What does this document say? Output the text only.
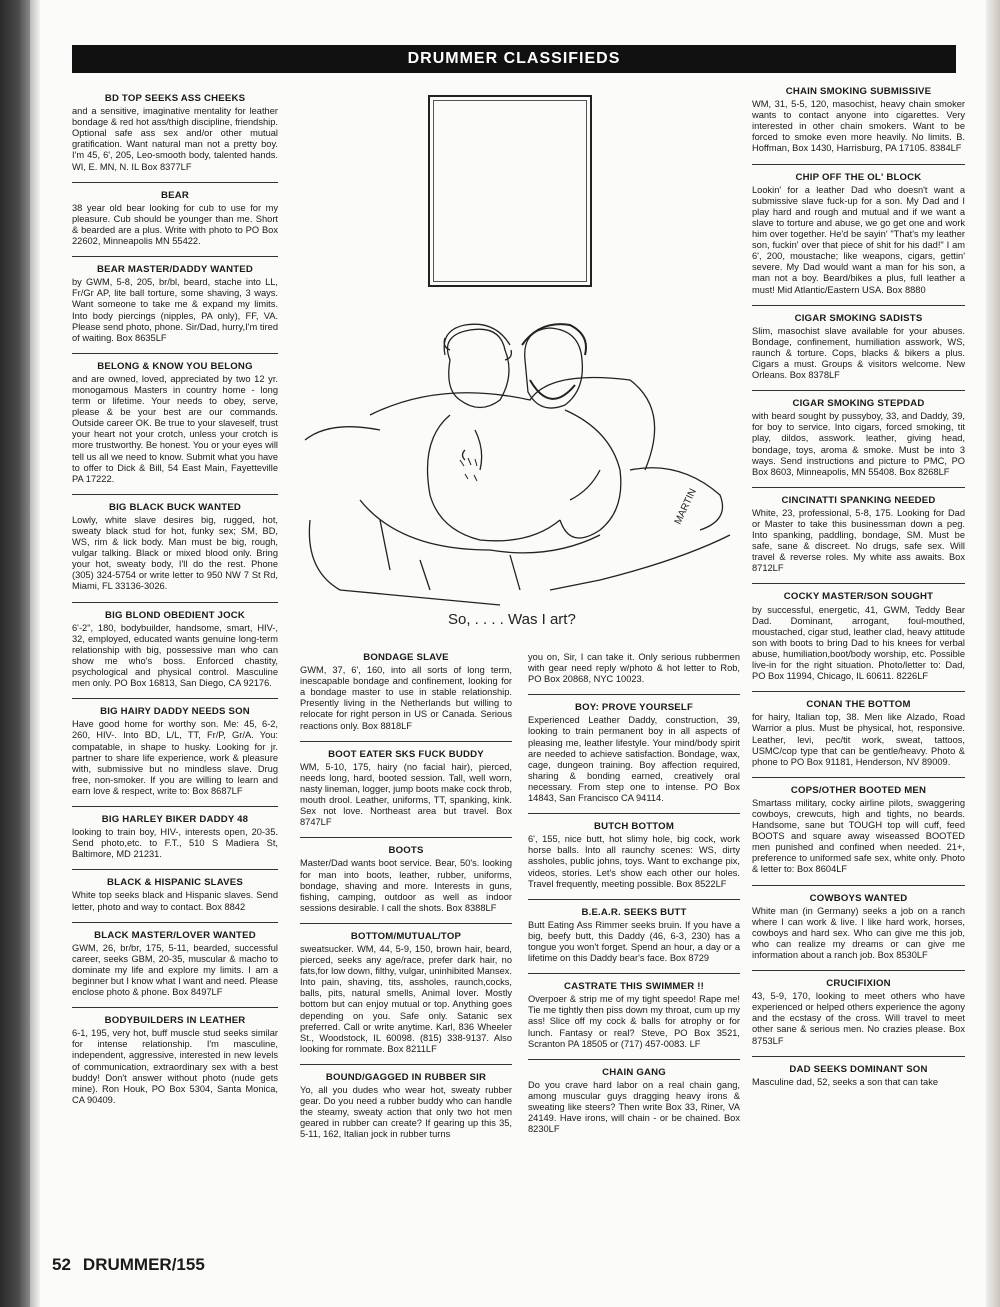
DRUMMER CLASSIFIEDS
BD TOP SEEKS ASS CHEEKS

and a sensitive, imaginative mentality for leather bondage & red hot ass/thigh discipline, friendship. Optional safe ass sex and/or other mutual gratification. Want natural man not a pretty boy. I'm 45, 6', 205, Leo-smooth body, talented hands. WI, E. MN, N. IL Box 8377LF

BEAR

38 year old bear looking for cub to use for my pleasure. Cub should be younger than me. Short & bearded are a plus. Write with photo to PO Box 22602, Minneapolis MN 55422.

BEAR MASTER/DADDY WANTED

by GWM, 5-8, 205, br/bl, beard, stache into LL, Fr/Gr AP, lite ball torture, some shaving, 3 ways. Want someone to take me & expand my limits. Into body piercings (nipples, PA only), FF, VA. Please send photo, phone. Sir/Dad, hurry,I'm tired of waiting. Box 8635LF

BELONG & KNOW YOU BELONG

and are owned, loved, appreciated by two 12 yr. monogamous Masters in country home - long term or lifetime. Your needs to obey, serve, please & be your best are our commands. Outside career OK. Be true to your slaveself, trust your heart not your crotch, unless your crotch is more trustworthy. Be honest. You or your eyes will tell us all we need to know. Submit what you have to offer to Dick & Bill, 54 East Main, Fayetteville PA 17222.

BIG BLACK BUCK WANTED

Lowly, white slave desires big, rugged, hot, sweaty black stud for hot, funky sex; SM, BD, WS, rim & lick body. Man must be big, rough, vulgar talking. Black or mixed blood only. Bring your hot, sweaty body, I'll do the rest. Phone (305) 324-5754 or write letter to 950 NW 7 St Rd, Miami, FL 33136-3026.

BIG BLOND OBEDIENT JOCK

6'-2", 180, bodybuilder, handsome, smart, HIV-, 32, employed, educated wants genuine long-term relationship with big, possessive man who can show me who's boss. Enforced chastity, psychological and physical control. Masculine men only. PO Box 16813, San Diego, CA 92176.

BIG HAIRY DADDY NEEDS SON

Have good home for worthy son. Me: 45, 6-2, 260, HIV-. Into BD, L/L, TT, Fr/P, Gr/A. You: compatable, in shape to husky. Looking for jr. partner to share life experience, work & pleasure with, submissive but no mindless slave. Drug free, non-smoker. If you are willing to learn and earn love & respect, write to: Box 8687LF

BIG HARLEY BIKER DADDY 48

looking to train boy, HIV-, interests open, 20-35. Send photo,etc. to F.T., 510 S Madiera St, Baltimore, MD 21231.

BLACK & HISPANIC SLAVES

White top seeks black and Hispanic slaves. Send letter, photo and way to contact. Box 8842

BLACK MASTER/LOVER WANTED

GWM, 26, br/br, 175, 5-11, bearded, successful career, seeks GBM, 20-35, muscular & macho to dominate my life and explore my limits. I am a beginner but I know what I want and need. Please enclose photo & phone. Box 8497LF

BODYBUILDERS IN LEATHER

6-1, 195, very hot, buff muscle stud seeks similar for intense relationship. I'm masculine, independent, aggressive, interested in new levels of communication, extraordinary sex with a best buddy! Don't answer without photo (nude gets mine). Ron Houk, PO Box 5304, Santa Monica, CA 90409.

BONDAGE SLAVE

GWM, 37, 6', 160, into all sorts of long term, inescapable bondage and confinement, looking for a bondage master to use in stable relationship. Presently living in the Netherlands but willing to relocate for right person in US or Canada. Serious reactions only. Box 8818LF

BOOT EATER SKS FUCK BUDDY

WM, 5-10, 175, hairy (no facial hair), pierced, needs long, hard, booted session. Tall, well worn, nasty lineman, logger, jump boots make cock throb, mouth drool. Leather, uniforms, TT, spanking, kink. Sex not love. Northeast area but travel. Box 8747LF

BOOTS

Master/Dad wants boot service. Bear, 50's. looking for man into boots, leather, rubber, uniforms, bondage, shaving and more. Interests in guns, fishing, camping, outdoor as well as indoor sessions desirable. I call the shots. Box 8388LF

BOTTOM/MUTUAL/TOP

sweatsucker. WM, 44, 5-9, 150, brown hair, beard, pierced, seeks any age/race, prefer dark hair, no fats,for low down, filthy, vulgar, uninhibited Mansex. Into pain, shaving, tits, assholes, raunch,cocks, balls, pits, natural smells, Animal lover. Mostly bottom but can enjoy mutual or top. Anything goes depending on you. Safe only. Satanic sex preferred. Call or write anytime. Karl, 836 Wheeler St., Woodstock, IL 60098. (815) 338-9137. Also looking for rommate. Box 8211LF

BOUND/GAGGED IN RUBBER SIR

Yo, all you dudes who wear hot, sweaty rubber gear. Do you need a rubber buddy who can handle the steamy, sweaty action that only two hot men geared in rubber can create? If gearing up this 35, 5-11, 162, Italian jock in rubber turns

you on, Sir, I can take it. Only serious rubbermen with gear need reply w/photo & hot letter to Rob, PO Box 20868, NYC 10023.

BOY: PROVE YOURSELF

Experienced Leather Daddy, construction, 39, looking to train permanent boy in all aspects of pleasing me, leather lifestyle. Your mind/body spirit are needed to achieve satisfaction. Bondage, wax, cage, dungeon training. Boy affection required, sharing & bonding earned, creatively oral necessary. From step one to intense. PO Box 14843, San Francisco CA 94114.

BUTCH BOTTOM

6', 155, nice butt, hot slimy hole, big cock, work horse balls. Into all raunchy scenes: WS, dirty assholes, public johns, toys. Want to exchange pix, videos, stories. Let's show each other our holes. Travel frequently, meeting possible. Box 8522LF

B.E.A.R. SEEKS BUTT

Butt Eating Ass Rimmer seeks bruin. If you have a big, beefy butt, this Daddy (46, 6-3, 230) has a tongue you won't forget. Spend an hour, a day or a lifetime on this Daddy bear's face. Box 8729

CASTRATE THIS SWIMMER !!

Overpoer & strip me of my tight speedo! Rape me! Tie me tightly then piss down my throat, cum up my ass! Slice off my cock & balls for atrophy or for lunch. Fantasy or real? Steve, PO Box 3521, Scranton PA 18505 or (717) 457-0083. LF

CHAIN GANG

Do you crave hard labor on a real chain gang, among muscular guys dragging heavy irons & sweating like steers? Then write Box 33, Riner, VA 24149. Have irons, will chain - or be chained. Box 8230LF

CHAIN SMOKING SUBMISSIVE

WM, 31, 5-5, 120, masochist, heavy chain smoker wants to contact anyone into cigarettes. Very interested in other chain smokers. Want to be forced to smoke even more heavily. No limits. B. Hoffman, Box 1430, Harrisburg, PA 17105. 8384LF

CHIP OFF THE OL' BLOCK

Lookin' for a leather Dad who doesn't want a submissive slave fuck-up for a son. My Dad and I play hard and rough and mutual and if we want a slave to torture and abuse, we go get one and work him over together. He'd be sayin' "That's my leather son, fuckin' over that piece of shit for his dad!" I am 6', 200, moustache; like weapons, cigars, gettin' severe. My Dad would want a man for his son, a man not a boy. Beard/bikes a plus, full leather a must! Mid Atlantic/Eastern USA. Box 8880

CIGAR SMOKING SADISTS

Slim, masochist slave available for your abuses. Bondage, confinement, humiliation asswork, WS, raunch & torture. Cops, blacks & bikers a plus. Cigars a must. Groups & visitors welcome. New Orleans. Box 8378LF

CIGAR SMOKING STEPDAD

with beard sought by pussyboy, 33, and Daddy, 39, for boy to service. Into cigars, forced smoking, tit play, dildos, asswork. leather, giving head, bondage, toys, aroma & smoke. Must be into 3 ways. Send instructions and picture to PMC, PO Box 8603, Minneapolis, MN 55408. Box 8268LF

CINCINATTI SPANKING NEEDED

White, 23, professional, 5-8, 175. Looking for Dad or Master to take this businessman down a peg. Into spanking, paddling, bondage, SM. Must be safe, sane & discreet. No drugs, safe sex. Will travel & reverse roles. My white ass awaits. Box 8712LF

COCKY MASTER/SON SOUGHT

by successful, energetic, 41, GWM, Teddy Bear Dad. Dominant, arrogant, foul-mouthed, moustached, cigar stud, leather clad, heavy attitude son with boots to bring Dad to his knees for verbal abuse, humiliation,boot/body worship, etc. Possible live-in for the right situation. Photo/letter to: Dad, PO Box 11994, Chicago, IL 60611. 8226LF

CONAN THE BOTTOM

for hairy, Italian top, 38. Men like Alzado, Road Warrior a plus. Must be physical, hot, responsive. Leather, levi, pec/tit work, sweat, tattoos, USMC/cop type that can be gentle/heavy. Photo & phone to PO Box 91181, Henderson, NV 89009.

COPS/OTHER BOOTED MEN

Smartass military, cocky airline pilots, swaggering cowboys, crewcuts, high and tights, no beards. Handsome, sane but TOUGH top will cuff, feed BOOTS and square away wiseassed BOOTED men punished and confined when needed. 21+, preference to uniformed safe sex, white only. Photo & letter to: Box 8604LF

COWBOYS WANTED

White man (in Germany) seeks a job on a ranch where I can work & live. I like hard work, horses, cowboys and hard sex. Who can give me this job, who can realize my dreams or can give me information about a ranch job. Box 8530LF

CRUCIFIXION

43, 5-9, 170, looking to meet others who have experienced or helped others experience the agony and the ecstasy of the cross. Will travel to meet other sane & serious men. No crazies please. Box 8753LF

DAD SEEKS DOMINANT SON

Masculine dad, 52, seeks a son that can take

MARTIN
So, . . . . Was I art?
52 DRUMMER/155
